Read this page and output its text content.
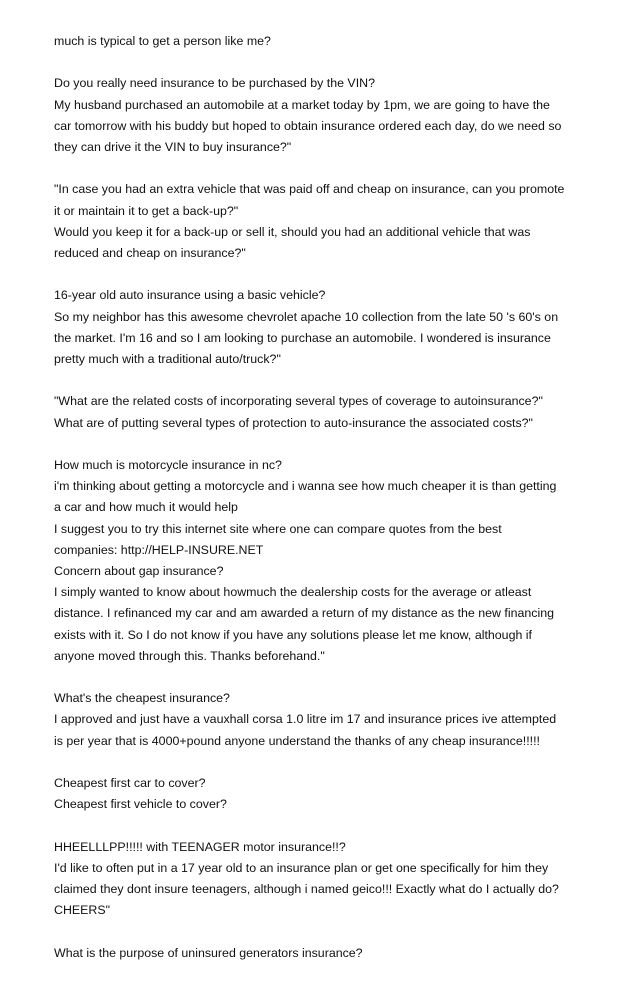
much is typical to get a person like me?
Do you really need insurance to be purchased by the VIN?
My husband purchased an automobile at a market today by 1pm, we are going to have the
car tomorrow with his buddy but hoped to obtain insurance ordered each day, do we need so
they can drive it the VIN to buy insurance?"
"In case you had an extra vehicle that was paid off and cheap on insurance, can you promote
it or maintain it to get a back-up?"
Would you keep it for a back-up or sell it, should you had an additional vehicle that was
reduced and cheap on insurance?"
16-year old auto insurance using a basic vehicle?
So my neighbor has this awesome chevrolet apache 10 collection from the late 50 's 60's on
the market. I'm 16 and so I am looking to purchase an automobile. I wondered is insurance
pretty much with a traditional auto/truck?"
"What are the related costs of incorporating several types of coverage to autoinsurance?"
What are of putting several types of protection to auto-insurance the associated costs?"
How much is motorcycle insurance in nc?
i'm thinking about getting a motorcycle and i wanna see how much cheaper it is than getting
a car and how much it would help
I suggest you to try this internet site where one can compare quotes from the best
companies: http://HELP-INSURE.NET
Concern about gap insurance?
I simply wanted to know about howmuch the dealership costs for the average or atleast
distance. I refinanced my car and am awarded a return of my distance as the new financing
exists with it. So I do not know if you have any solutions please let me know, although if
anyone moved through this. Thanks beforehand."
What's the cheapest insurance?
I approved and just have a vauxhall corsa 1.0 litre im 17 and insurance prices ive attempted
is per year that is 4000+pound anyone understand the thanks of any cheap insurance!!!!!
Cheapest first car to cover?
Cheapest first vehicle to cover?
HHEELLLPP!!!!! with TEENAGER motor insurance!!?
I'd like to often put in a 17 year old to an insurance plan or get one specifically for him they
claimed they dont insure teenagers, although i named geico!!! Exactly what do I actually do?
CHEERS"
What is the purpose of uninsured generators insurance?
